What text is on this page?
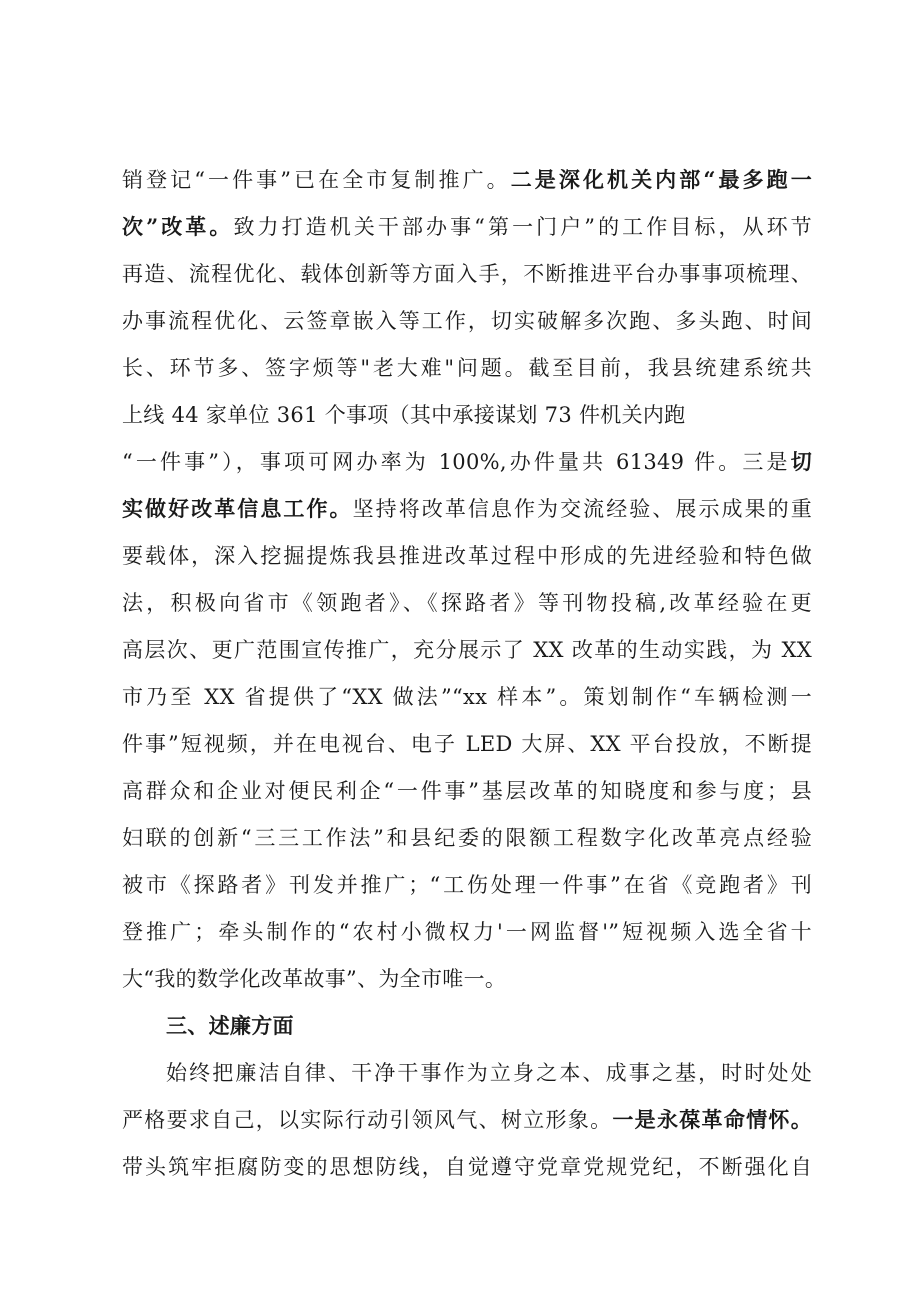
销登记“一件事”已在全市复制推广。二是深化机关内部“最多跑一
次”改革。致力打造机关干部办事“第一门户”的工作目标，从环节
再造、流程优化、载体创新等方面入手，不断推进平台办事事项梳理、
办事流程优化、云签章嵌入等工作，切实破解多次跑、多头跑、时间
长、环节多、签字烦等"老大难"问题。截至目前，我县统建系统共
上线 44 家单位 361 个事项（其中承接谋划 73 件机关内跑
“一件事”），事项可网办率为 100%,办件量共 61349 件。三是切
实做好改革信息工作。坚持将改革信息作为交流经验、展示成果的重
要载体，深入挖掘提炼我县推进改革过程中形成的先进经验和特色做
法，积极向省市《领跑者》、《探路者》等刊物投稿,改革经验在更
高层次、更广范围宣传推广，充分展示了 XX 改革的生动实践，为 XX
市乃至 XX 省提供了“XX 做法”“xx 样本”。策划制作“车辆检测一
件事”短视频，并在电视台、电子 LED 大屏、XX 平台投放，不断提
高群众和企业对便民利企“一件事”基层改革的知晓度和参与度；县
妇联的创新“三三工作法”和县纪委的限额工程数字化改革亮点经验
被市《探路者》刊发并推广；“工伤处理一件事”在省《竞跑者》刊
登推广；牵头制作的“农村小微权力'一网监督'”短视频入选全省十
大“我的数学化改革故事”、为全市唯一。
三、述廉方面
始终把廉洁自律、干净干事作为立身之本、成事之基，时时处处
严格要求自己，以实际行动引领风气、树立形象。一是永葆革命情怀。
带头筑牢拒腐防变的思想防线，自觉遵守党章党规党纪，不断强化自
